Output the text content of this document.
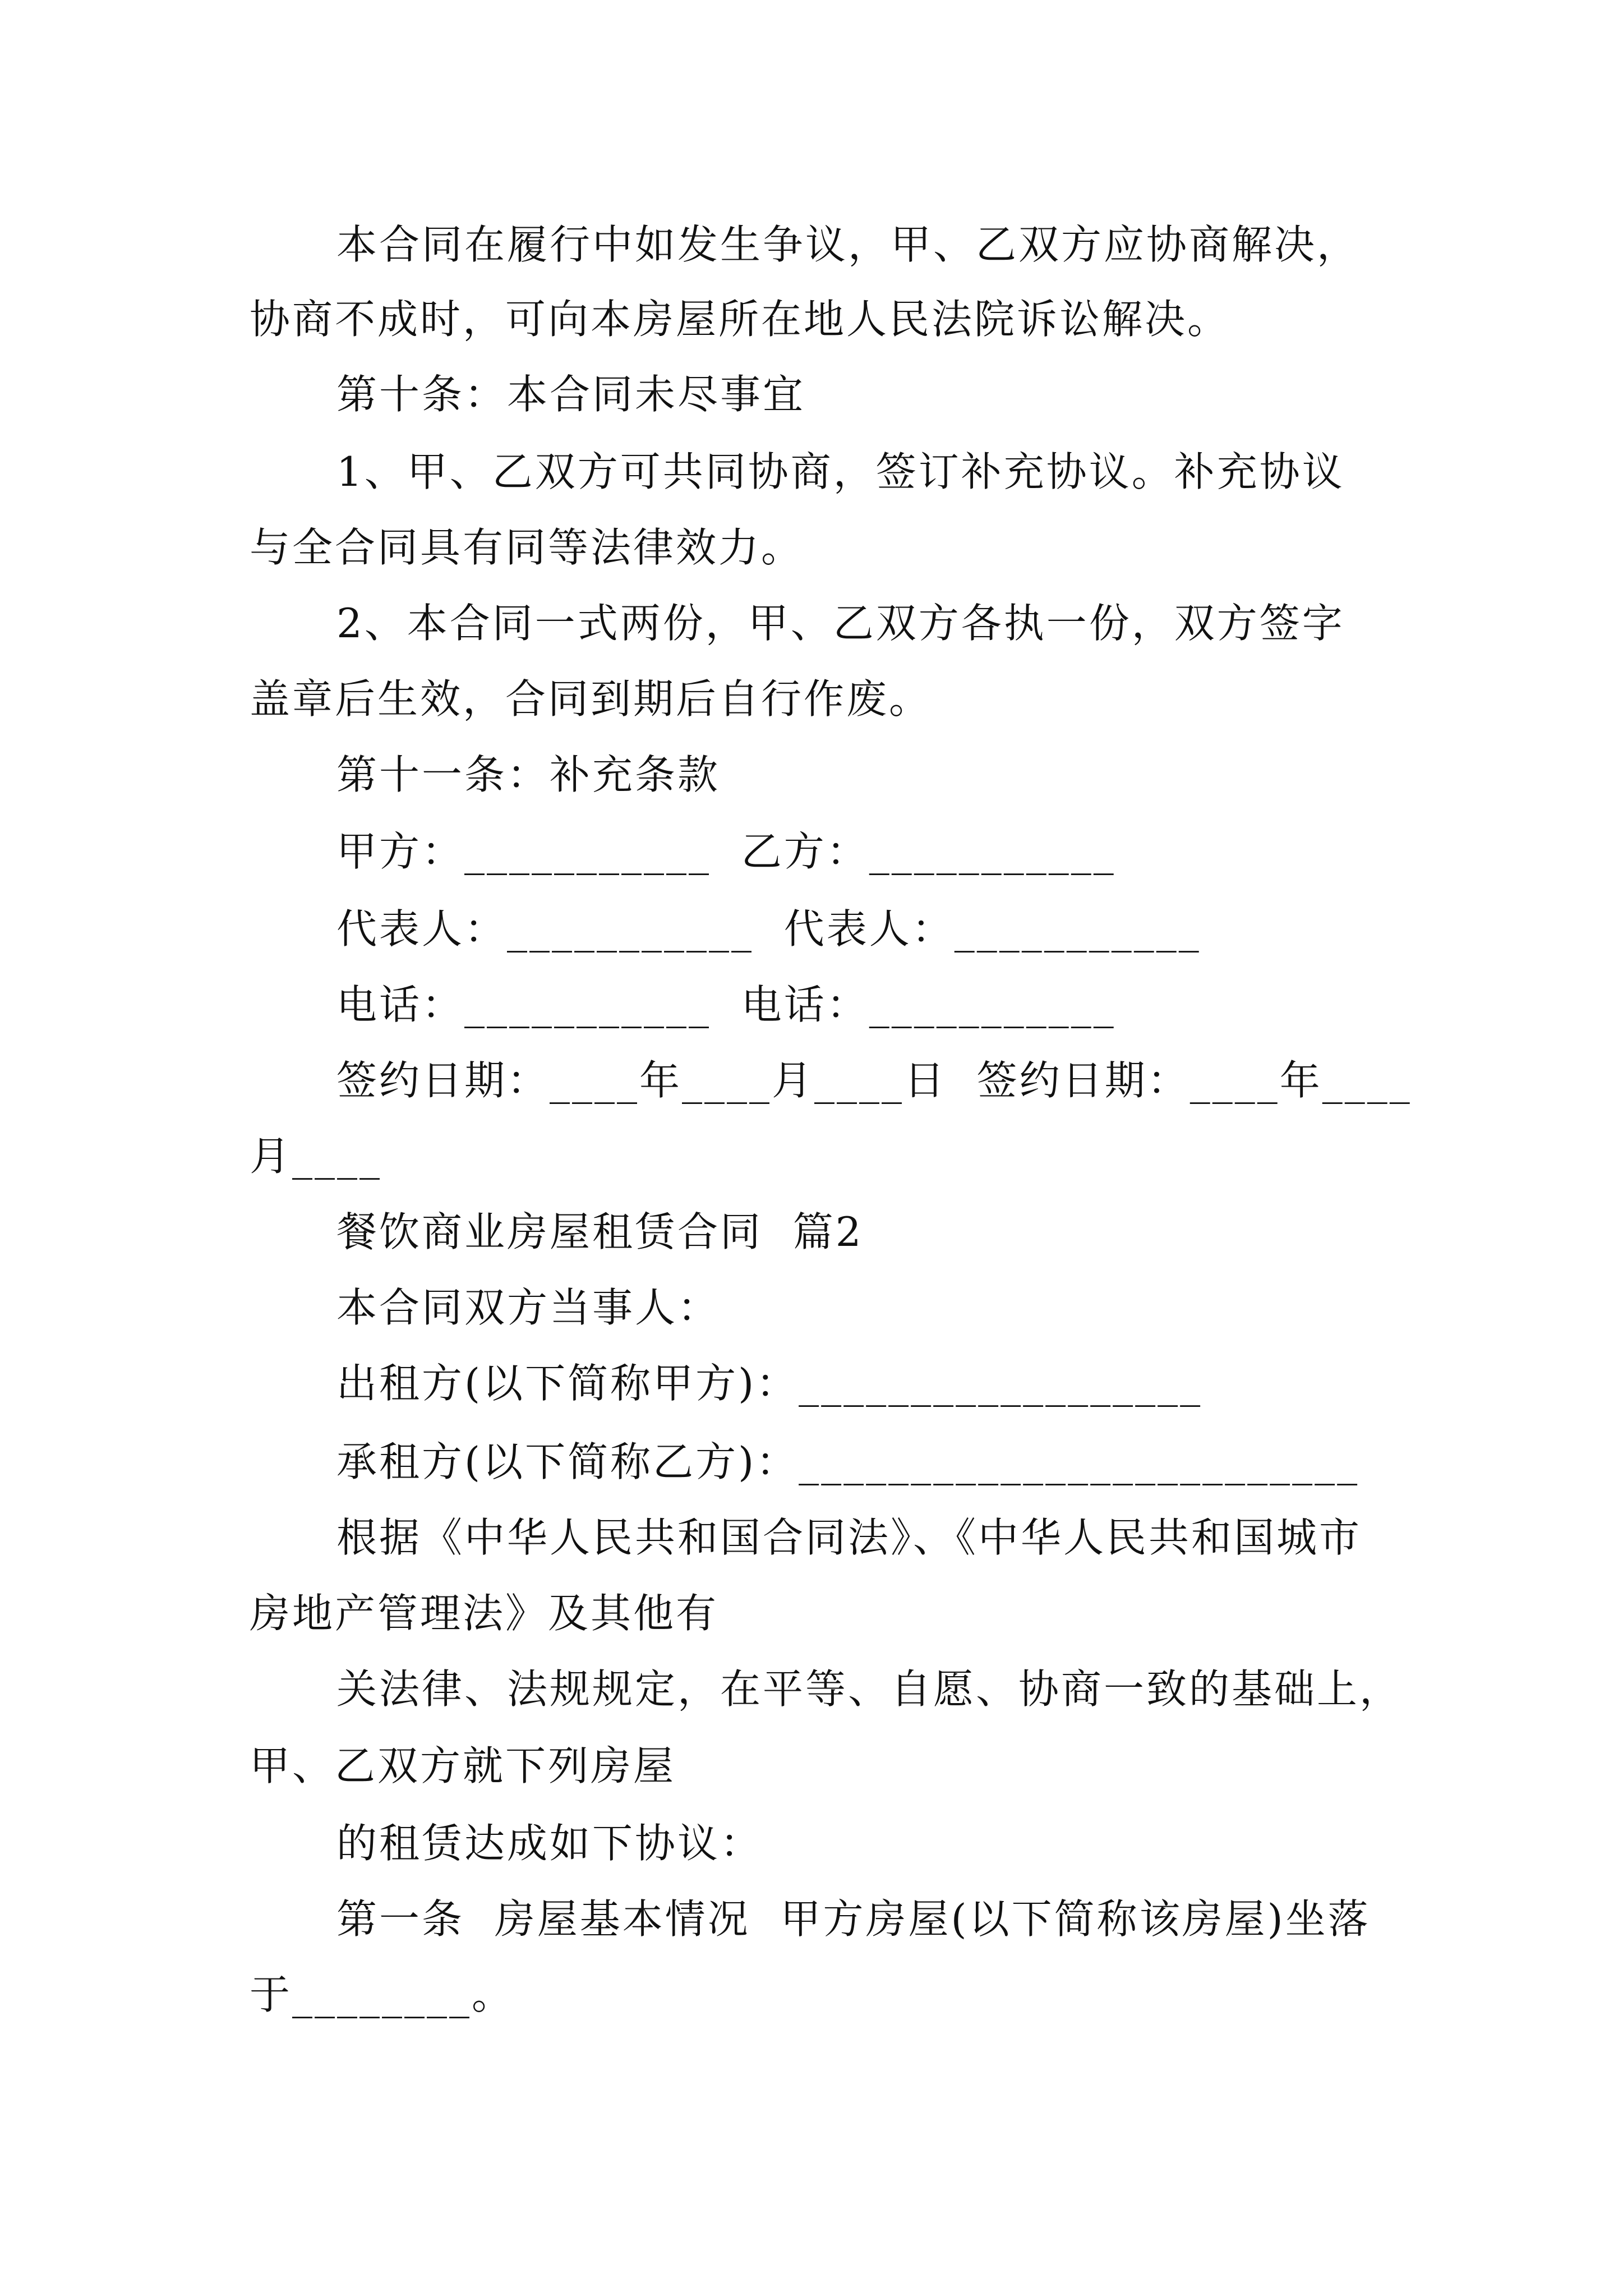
本合同在履行中如发生争议，甲、乙双方应协商解决，
协商不成时，可向本房屋所在地人民法院诉讼解决。
第十条：本合同未尽事宜
1、甲、乙双方可共同协商，签订补充协议。补充协议
与全合同具有同等法律效力。
2、本合同一式两份，甲、乙双方各执一份，双方签字
盖章后生效，合同到期后自行作废。
第十一条：补充条款
甲方：___________  乙方：___________
代表人：___________  代表人：___________
电话：___________  电话：___________
签约日期：____年____月____日  签约日期：____年____
月____
餐饮商业房屋租赁合同  篇2
本合同双方当事人：
出租方(以下简称甲方)：__________________
承租方(以下简称乙方)：_________________________
根据《中华人民共和国合同法》、《中华人民共和国城市
房地产管理法》及其他有
关法律、法规规定，在平等、自愿、协商一致的基础上，
甲、乙双方就下列房屋
的租赁达成如下协议：
第一条  房屋基本情况  甲方房屋(以下简称该房屋)坐落
于________。
